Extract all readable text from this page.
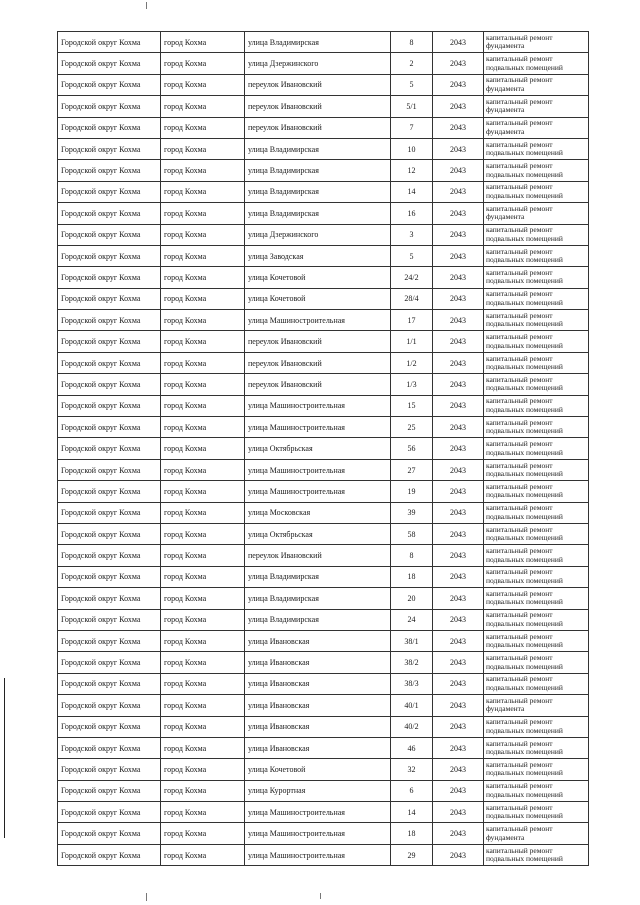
Городской округ Кохма	город Кохма	улица Владимирская	8	2043	капитальный ремонт фундамента
Городской округ Кохма	город Кохма	улица Дзержинского	2	2043	капитальный ремонт подвальных помещений
Городской округ Кохма	город Кохма	переулок Ивановский	5	2043	капитальный ремонт фундамента
Городской округ Кохма	город Кохма	переулок Ивановский	5/1	2043	капитальный ремонт фундамента
Городской округ Кохма	город Кохма	переулок Ивановский	7	2043	капитальный ремонт фундамента
Городской округ Кохма	город Кохма	улица Владимирская	10	2043	капитальный ремонт подвальных помещений
Городской округ Кохма	город Кохма	улица Владимирская	12	2043	капитальный ремонт подвальных помещений
Городской округ Кохма	город Кохма	улица Владимирская	14	2043	капитальный ремонт подвальных помещений
Городской округ Кохма	город Кохма	улица Владимирская	16	2043	капитальный ремонт фундамента
Городской округ Кохма	город Кохма	улица Дзержинского	3	2043	капитальный ремонт подвальных помещений
Городской округ Кохма	город Кохма	улица Заводская	5	2043	капитальный ремонт подвальных помещений
Городской округ Кохма	город Кохма	улица Кочетовой	24/2	2043	капитальный ремонт подвальных помещений
Городской округ Кохма	город Кохма	улица Кочетовой	28/4	2043	капитальный ремонт подвальных помещений
Городской округ Кохма	город Кохма	улица Машиностроительная	17	2043	капитальный ремонт подвальных помещений
Городской округ Кохма	город Кохма	переулок Ивановский	1/1	2043	капитальный ремонт подвальных помещений
Городской округ Кохма	город Кохма	переулок Ивановский	1/2	2043	капитальный ремонт подвальных помещений
Городской округ Кохма	город Кохма	переулок Ивановский	1/3	2043	капитальный ремонт подвальных помещений
Городской округ Кохма	город Кохма	улица Машиностроительная	15	2043	капитальный ремонт подвальных помещений
Городской округ Кохма	город Кохма	улица Машиностроительная	25	2043	капитальный ремонт подвальных помещений
Городской округ Кохма	город Кохма	улица Октябрьская	56	2043	капитальный ремонт подвальных помещений
Городской округ Кохма	город Кохма	улица Машиностроительная	27	2043	капитальный ремонт подвальных помещений
Городской округ Кохма	город Кохма	улица Машиностроительная	19	2043	капитальный ремонт подвальных помещений
Городской округ Кохма	город Кохма	улица Московская	39	2043	капитальный ремонт подвальных помещений
Городской округ Кохма	город Кохма	улица Октябрьская	58	2043	капитальный ремонт подвальных помещений
Городской округ Кохма	город Кохма	переулок Ивановский	8	2043	капитальный ремонт подвальных помещений
Городской округ Кохма	город Кохма	улица Владимирская	18	2043	капитальный ремонт подвальных помещений
Городской округ Кохма	город Кохма	улица Владимирская	20	2043	капитальный ремонт подвальных помещений
Городской округ Кохма	город Кохма	улица Владимирская	24	2043	капитальный ремонт подвальных помещений
Городской округ Кохма	город Кохма	улица Ивановская	38/1	2043	капитальный ремонт подвальных помещений
Городской округ Кохма	город Кохма	улица Ивановская	38/2	2043	капитальный ремонт подвальных помещений
Городской округ Кохма	город Кохма	улица Ивановская	38/3	2043	капитальный ремонт подвальных помещений
Городской округ Кохма	город Кохма	улица Ивановская	40/1	2043	капитальный ремонт фундамента
Городской округ Кохма	город Кохма	улица Ивановская	40/2	2043	капитальный ремонт подвальных помещений
Городской округ Кохма	город Кохма	улица Ивановская	46	2043	капитальный ремонт подвальных помещений
Городской округ Кохма	город Кохма	улица Кочетовой	32	2043	капитальный ремонт подвальных помещений
Городской округ Кохма	город Кохма	улица Курортная	6	2043	капитальный ремонт подвальных помещений
Городской округ Кохма	город Кохма	улица Машиностроительная	14	2043	капитальный ремонт подвальных помещений
Городской округ Кохма	город Кохма	улица Машиностроительная	18	2043	капитальный ремонт фундамента
Городской округ Кохма	город Кохма	улица Машиностроительная	29	2043	капитальный ремонт подвальных помещений
